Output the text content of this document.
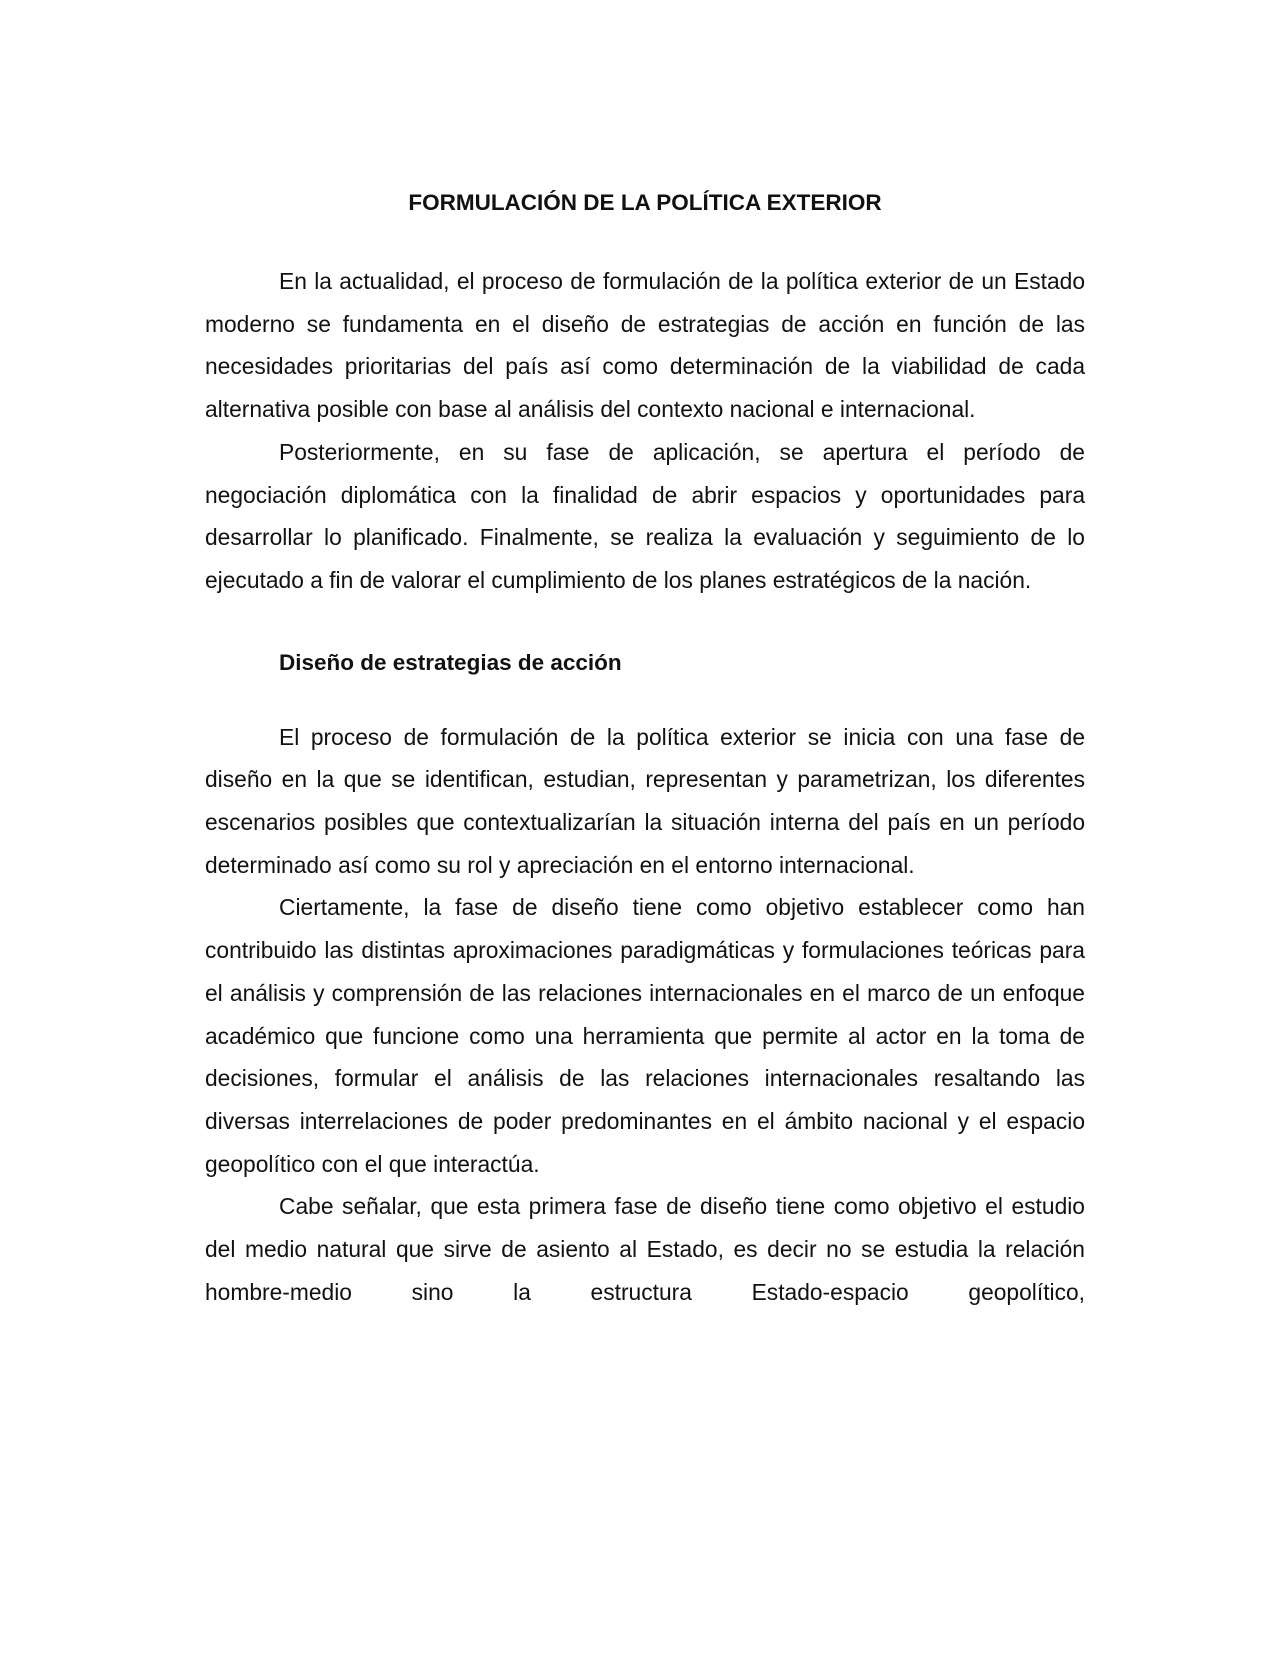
FORMULACIÓN DE LA POLÍTICA EXTERIOR

En la actualidad, el proceso de formulación de la política exterior de un Estado moderno se fundamenta en el diseño de estrategias de acción en función de las necesidades prioritarias del país así como determinación de la viabilidad de cada alternativa posible con base al análisis del contexto nacional e internacional.

Posteriormente, en su fase de aplicación, se apertura el período de negociación diplomática con la finalidad de abrir espacios y oportunidades para desarrollar lo planificado. Finalmente, se realiza la evaluación y seguimiento de lo ejecutado a fin de valorar el cumplimiento de los planes estratégicos de la nación.

Diseño de estrategias de acción

El proceso de formulación de la política exterior se inicia con una fase de diseño en la que se identifican, estudian, representan y parametrizan, los diferentes escenarios posibles que contextualizarían la situación interna del país en un período determinado así como su rol y apreciación en el entorno internacional.

Ciertamente, la fase de diseño tiene como objetivo establecer como han contribuido las distintas aproximaciones paradigmáticas y formulaciones teóricas para el análisis y comprensión de las relaciones internacionales en el marco de un enfoque académico que funcione como una herramienta que permite al actor en la toma de decisiones, formular el análisis de las relaciones internacionales resaltando las diversas interrelaciones de poder predominantes en el ámbito nacional y el espacio geopolítico con el que interactúa.

Cabe señalar, que esta primera fase de diseño tiene como objetivo el estudio del medio natural que sirve de asiento al Estado, es decir no se estudia la relación hombre-medio sino la estructura Estado-espacio geopolítico,
